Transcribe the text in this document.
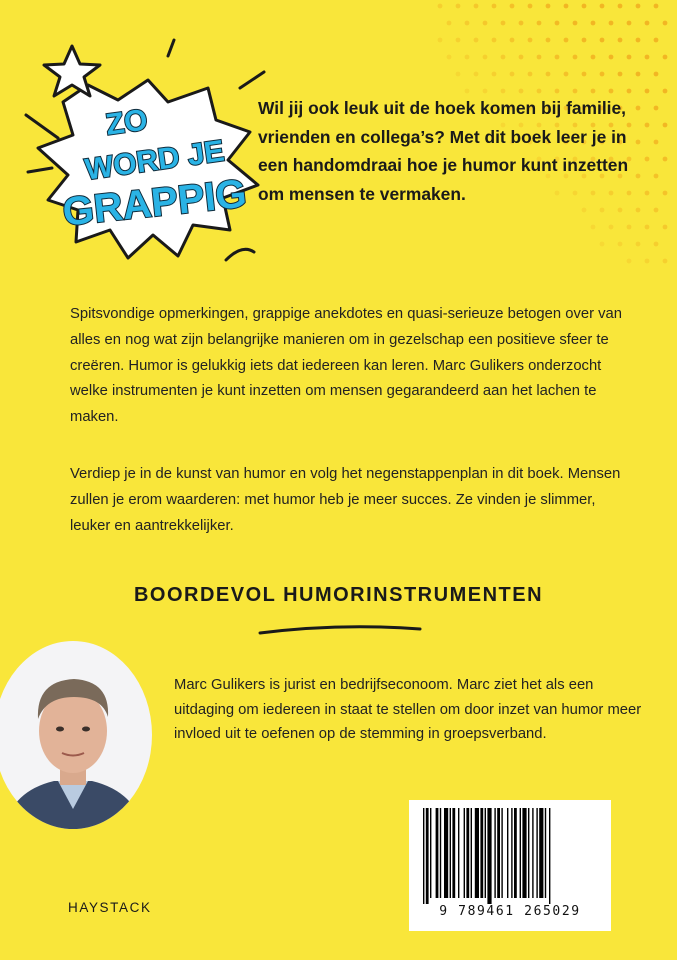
ZO
WORD JE
GRAPPIG
Wil jij ook leuk uit de hoek komen bij familie, vrienden en collega’s? Met dit boek leer je in een handomdraai hoe je humor kunt inzetten om mensen te vermaken.
Spitsvondige opmerkingen, grappige anekdotes en quasi-serieuze betogen over van alles en nog wat zijn belangrijke manieren om in gezelschap een positieve sfeer te creëren. Humor is gelukkig iets dat iedereen kan leren. Marc Gulikers onderzocht welke instrumenten je kunt inzetten om mensen gegarandeerd aan het lachen te maken.
Verdiep je in de kunst van humor en volg het negenstappenplan in dit boek. Mensen zullen je erom waarderen: met humor heb je meer succes. Ze vinden je slimmer, leuker en aantrekkelijker.
BOORDEVOL HUMORINSTRUMENTEN
Marc Gulikers is jurist en bedrijfseconoom. Marc ziet het als een uitdaging om iedereen in staat te stellen om door inzet van humor meer invloed uit te oefenen op de stemming in groepsverband.
9 789461 265029
HAYSTACK
